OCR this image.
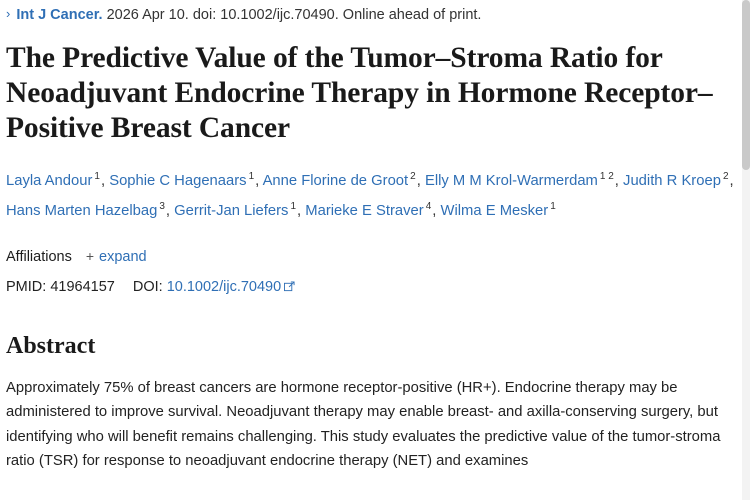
› Int J Cancer. 2026 Apr 10. doi: 10.1002/ijc.70490. Online ahead of print.
The Predictive Value of the Tumor–Stroma Ratio for Neoadjuvant Endocrine Therapy in Hormone Receptor–Positive Breast Cancer
Layla Andour $^1$, Sophie C Hagenaars $^1$, Anne Florine de Groot $^2$, Elly M M Krol-Warmerdam $^{1 2}$, Judith R Kroep $^2$, Hans Marten Hazelbag $^3$, Gerrit-Jan Liefers $^1$, Marieke E Straver $^4$, Wilma E Mesker $^1$
Affiliations + expand
PMID: 41964157 DOI: 10.1002/ijc.70490
Abstract

Approximately 75% of breast cancers are hormone receptor-positive (HR+). Endocrine therapy may be administered to improve survival. Neoadjuvant therapy may enable breast- and axilla-conserving surgery, but identifying who will benefit remains challenging. This study evaluates the predictive value of the tumor-stroma ratio (TSR) for response to neoadjuvant endocrine therapy (NET) and examines
